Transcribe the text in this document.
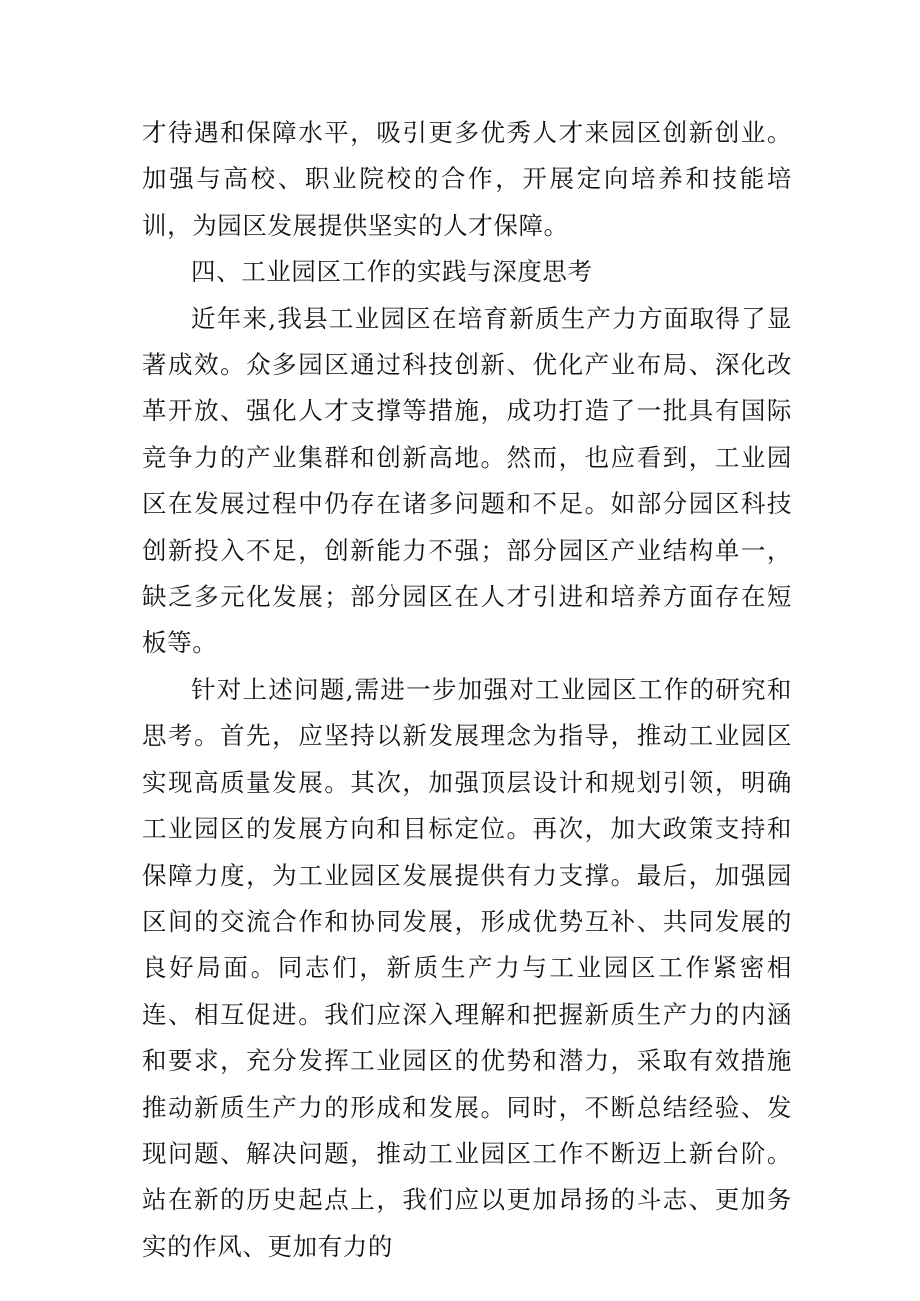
才待遇和保障水平，吸引更多优秀人才来园区创新创业。加强与高校、职业院校的合作，开展定向培养和技能培训，为园区发展提供坚实的人才保障。

四、工业园区工作的实践与深度思考

近年来,我县工业园区在培育新质生产力方面取得了显著成效。众多园区通过科技创新、优化产业布局、深化改革开放、强化人才支撑等措施，成功打造了一批具有国际竞争力的产业集群和创新高地。然而，也应看到，工业园区在发展过程中仍存在诸多问题和不足。如部分园区科技创新投入不足，创新能力不强；部分园区产业结构单一，缺乏多元化发展；部分园区在人才引进和培养方面存在短板等。

针对上述问题,需进一步加强对工业园区工作的研究和思考。首先，应坚持以新发展理念为指导，推动工业园区实现高质量发展。其次，加强顶层设计和规划引领，明确工业园区的发展方向和目标定位。再次，加大政策支持和保障力度，为工业园区发展提供有力支撑。最后，加强园区间的交流合作和协同发展，形成优势互补、共同发展的良好局面。同志们，新质生产力与工业园区工作紧密相连、相互促进。我们应深入理解和把握新质生产力的内涵和要求，充分发挥工业园区的优势和潜力，采取有效措施推动新质生产力的形成和发展。同时，不断总结经验、发现问题、解决问题，推动工业园区工作不断迈上新台阶。站在新的历史起点上，我们应以更加昂扬的斗志、更加务实的作风、更加有力的
